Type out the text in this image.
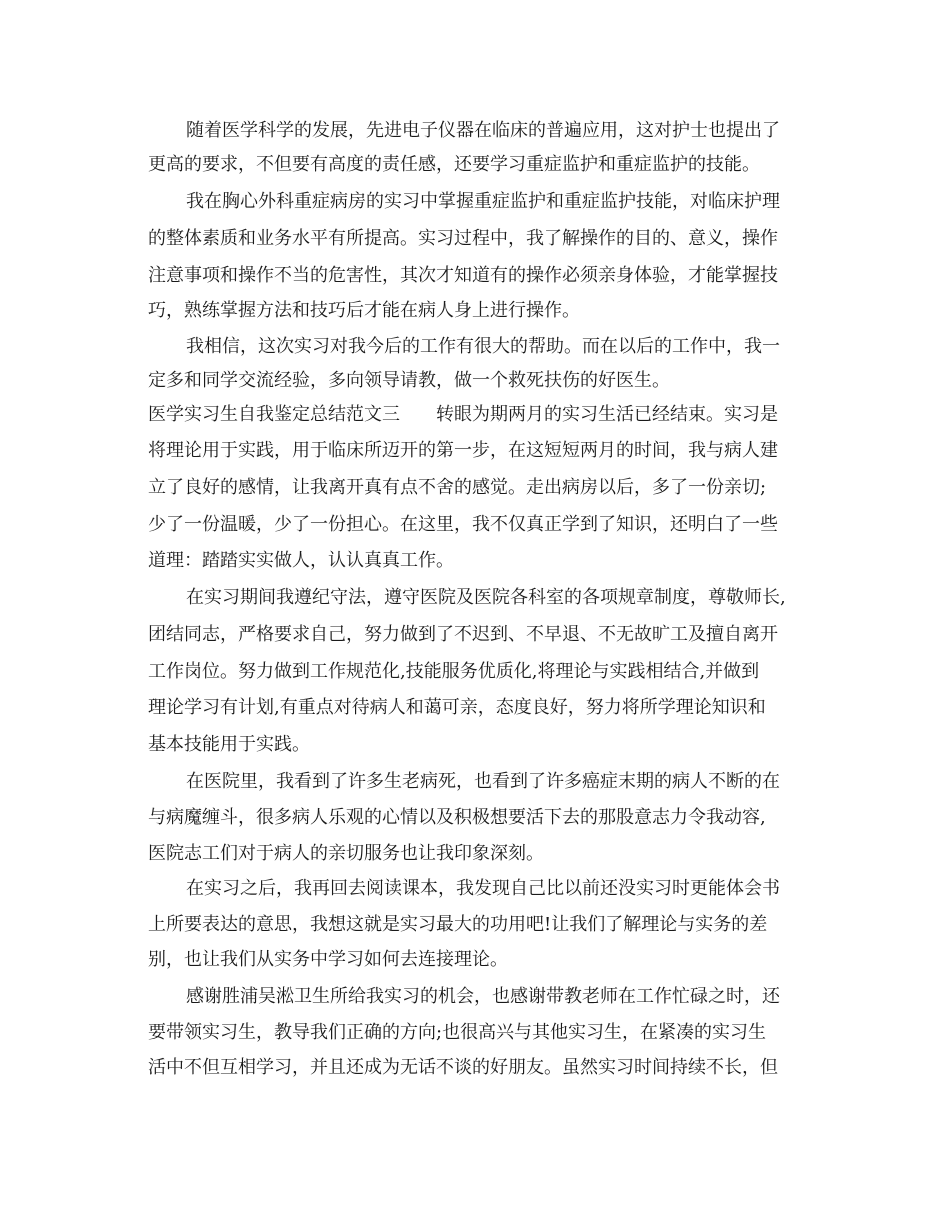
随着医学科学的发展，先进电子仪器在临床的普遍应用，这对护士也提出了
更高的要求，不但要有高度的责任感，还要学习重症监护和重症监护的技能。
我在胸心外科重症病房的实习中掌握重症监护和重症监护技能，对临床护理
的整体素质和业务水平有所提高。实习过程中，我了解操作的目的、意义，操作
注意事项和操作不当的危害性，其次才知道有的操作必须亲身体验，才能掌握技
巧，熟练掌握方法和技巧后才能在病人身上进行操作。
我相信，这次实习对我今后的工作有很大的帮助。而在以后的工作中，我一
定多和同学交流经验，多向领导请教，做一个救死扶伤的好医生。
医学实习生自我鉴定总结范文三　　转眼为期两月的实习生活已经结束。实习是
将理论用于实践，用于临床所迈开的第一步，在这短短两月的时间，我与病人建
立了良好的感情，让我离开真有点不舍的感觉。走出病房以后，多了一份亲切;
少了一份温暖，少了一份担心。在这里，我不仅真正学到了知识，还明白了一些
道理：踏踏实实做人，认认真真工作。
在实习期间我遵纪守法，遵守医院及医院各科室的各项规章制度，尊敬师长,
团结同志，严格要求自己，努力做到了不迟到、不早退、不无故旷工及擅自离开
工作岗位。努力做到工作规范化,技能服务优质化,将理论与实践相结合,并做到
理论学习有计划,有重点对待病人和蔼可亲，态度良好，努力将所学理论知识和
基本技能用于实践。
在医院里，我看到了许多生老病死，也看到了许多癌症末期的病人不断的在
与病魔缠斗，很多病人乐观的心情以及积极想要活下去的那股意志力令我动容,
医院志工们对于病人的亲切服务也让我印象深刻。
在实习之后，我再回去阅读课本，我发现自己比以前还没实习时更能体会书
上所要表达的意思，我想这就是实习最大的功用吧!让我们了解理论与实务的差
别，也让我们从实务中学习如何去连接理论。
感谢胜浦吴淞卫生所给我实习的机会，也感谢带教老师在工作忙碌之时，还
要带领实习生，教导我们正确的方向;也很高兴与其他实习生，在紧凑的实习生
活中不但互相学习，并且还成为无话不谈的好朋友。虽然实习时间持续不长，但
